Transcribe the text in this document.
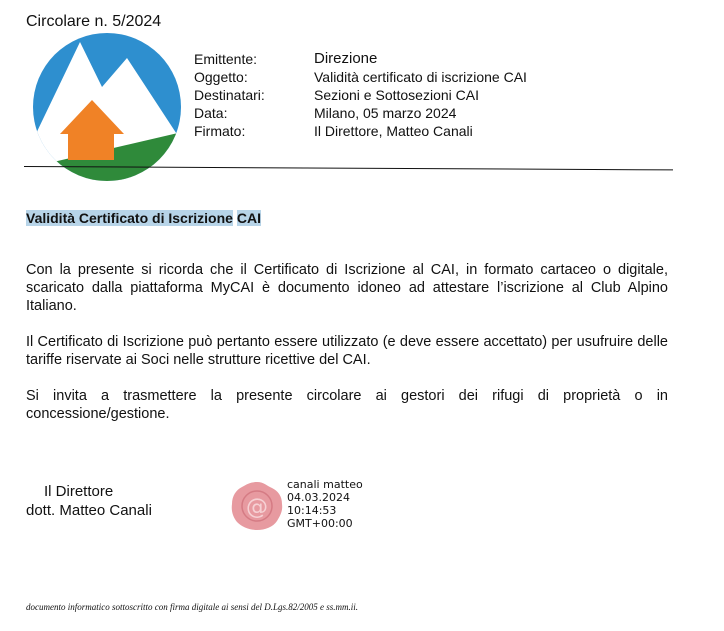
Circolare n. 5/2024
Emittente:	Direzione
Oggetto:	Validità certificato di iscrizione CAI
Destinatari:	Sezioni e Sottosezioni CAI
Data:	Milano, 05 marzo 2024
Firmato:	Il Direttore, Matteo Canali
Validità Certificato di Iscrizione CAI

Con la presente si ricorda che il Certificato di Iscrizione al CAI, in formato cartaceo o digitale, scaricato dalla piattaforma MyCAI è documento idoneo ad attestare l’iscrizione al Club Alpino Italiano.

Il Certificato di Iscrizione può pertanto essere utilizzato (e deve essere accettato) per usufruire delle tariffe riservate ai Soci nelle strutture ricettive del CAI.

Si invita a trasmettere la presente circolare ai gestori dei rifugi di proprietà o in concessione/gestione.

Il Direttore
dott. Matteo Canali	@
canali matteo
04.03.2024
10:14:53
GMT+00:00
documento informatico sottoscritto con firma digitale ai sensi del D.Lgs.82/2005 e ss.mm.ii.
